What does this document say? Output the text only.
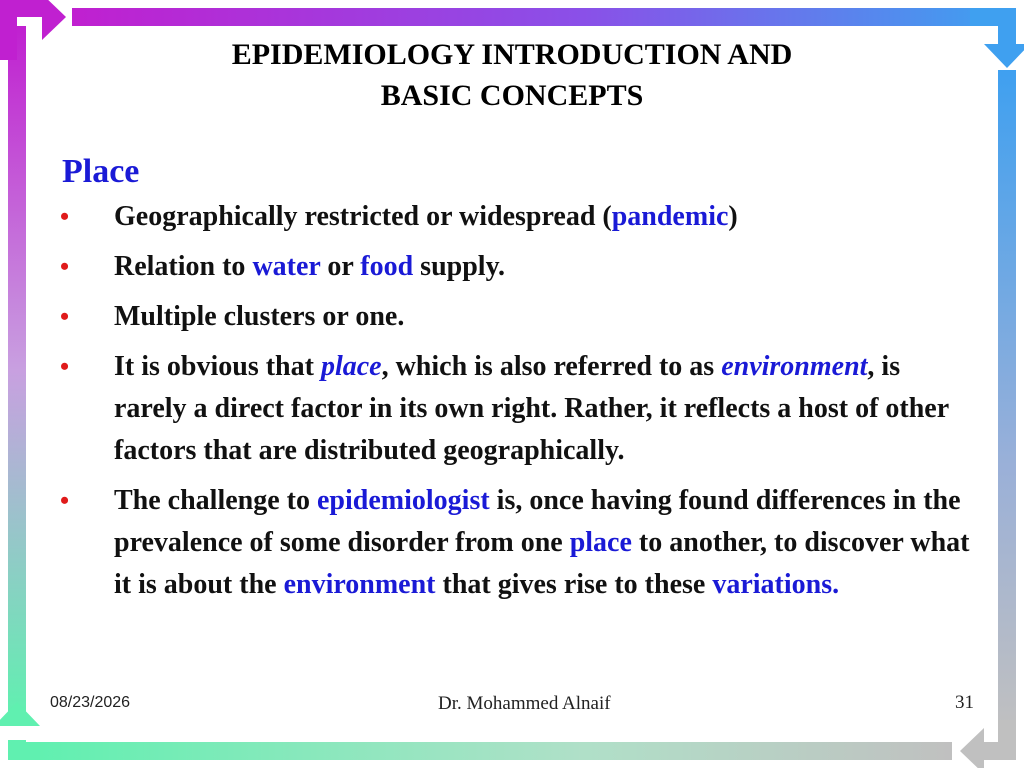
EPIDEMIOLOGY INTRODUCTION AND
BASIC CONCEPTS
Place
• Geographically restricted or widespread (pandemic)
• Relation to water or food supply.
• Multiple clusters or one.
• It is obvious that place, which is also referred to as environment, is rarely a direct factor in its own right. Rather, it reflects a host of other factors that are distributed geographically.
• The challenge to epidemiologist is, once having found differences in the prevalence of some disorder from one place to another, to discover what it is about the environment that gives rise to these variations.
08/23/2026	Dr. Mohammed Alnaif	31
